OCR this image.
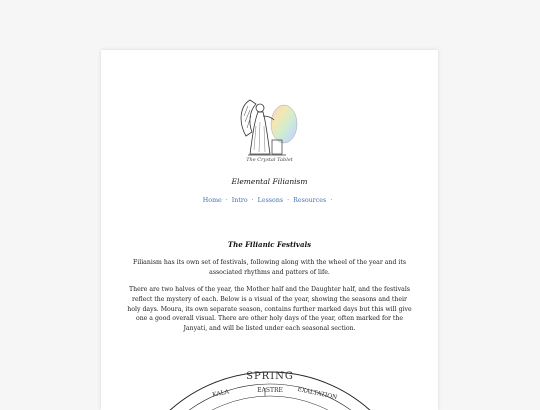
The Crystal Tablet
Elemental Filianism
Home · Intro · Lessons · Resources ·
The Filianic Festivals
Filianism has its own set of festivals, following along with the wheel of the year and its associated rhythms and patters of life.
There are two halves of the year, the Mother half and the Daughter half, and the festivals reflect the mystery of each. Below is a visual of the year, showing the seasons and their holy days. Moura, its own separate season, contains further marked days but this will give one a good overall visual. There are other holy days of the year, often marked for the Janyati, and will be listed under each seasonal section.
SPRING
KALA	EASTRE EXALTATION
